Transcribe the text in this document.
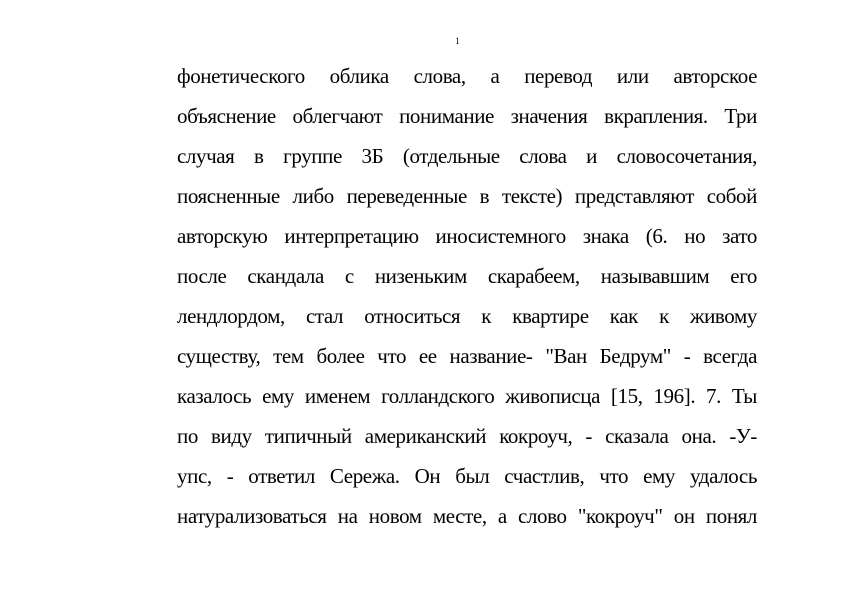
1
фонетического облика слова, а перевод или авторское
объяснение облегчают понимание значения вкрапления. Три
случая в группе 3Б (отдельные слова и словосочетания,
поясненные либо переведенные в тексте) представляют собой
авторскую интерпретацию иносистемного знака (6. но зато
после скандала с низеньким скарабеем, называвшим его
лендлордом, стал относиться к квартире как к живому
существу, тем более что ее название- "Ван Бедрум" - всегда
казалось ему именем голландского живописца [15, 196]. 7. Ты
по виду типичный американский кокроуч, - сказала она. -У-
упс, - ответил Сережа. Он был счастлив, что ему удалось
натурализоваться на новом месте, а слово "кокроуч" он понял
